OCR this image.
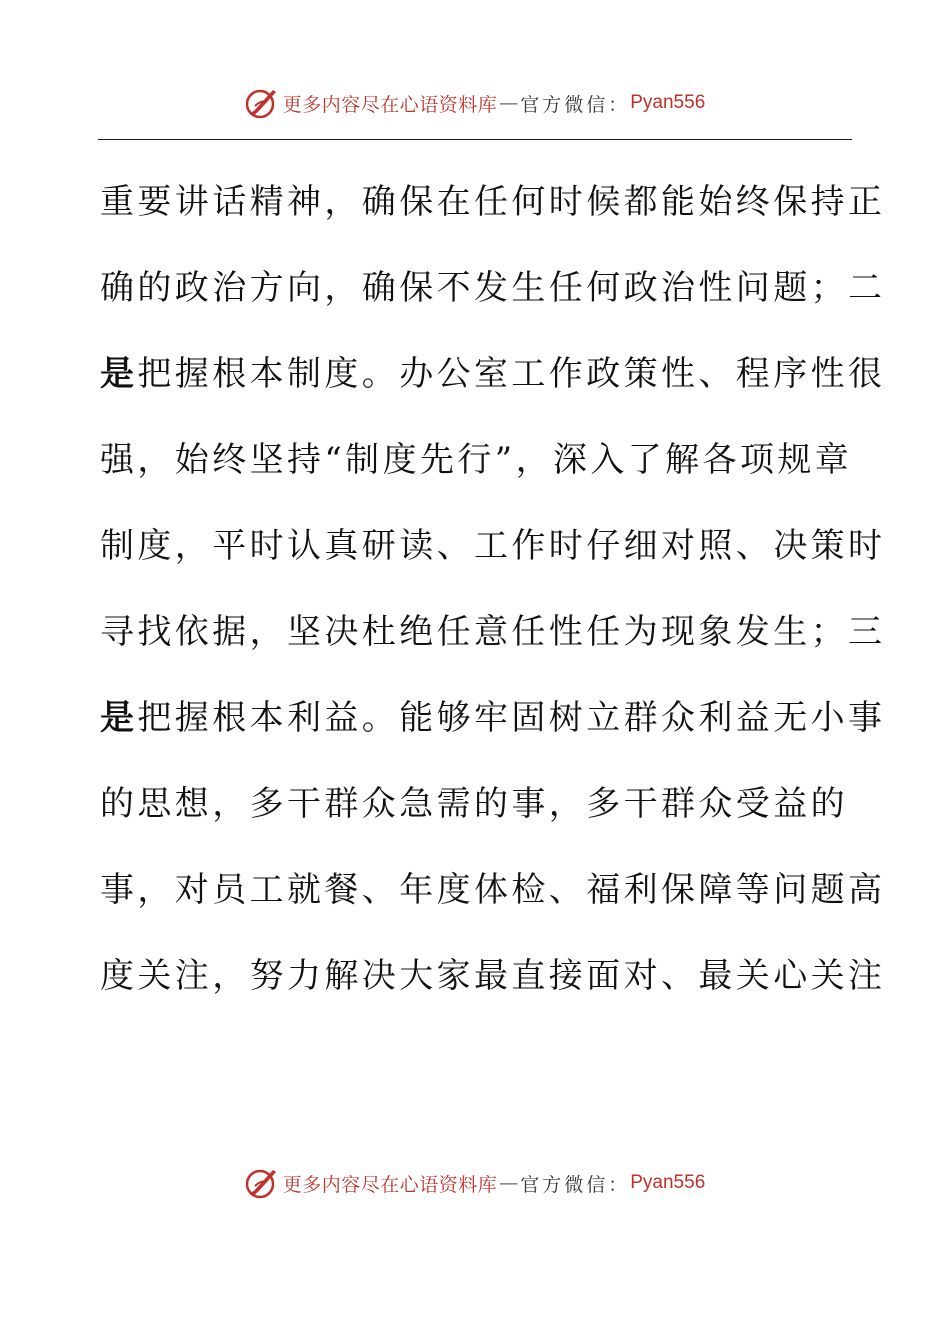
更多内容尽在心语资料库 — 官方微信： Pyan556
重要讲话精神，确保在任何时候都能始终保持正
确的政治方向，确保不发生任何政治性问题；二
是把握根本制度。办公室工作政策性、程序性很
强，始终坚持“制度先行”，深入了解各项规章
制度，平时认真研读、工作时仔细对照、决策时
寻找依据，坚决杜绝任意任性任为现象发生；三
是把握根本利益。能够牢固树立群众利益无小事
的思想，多干群众急需的事，多干群众受益的
事，对员工就餐、年度体检、福利保障等问题高
度关注，努力解决大家最直接面对、最关心关注
更多内容尽在心语资料库 — 官方微信： Pyan556
